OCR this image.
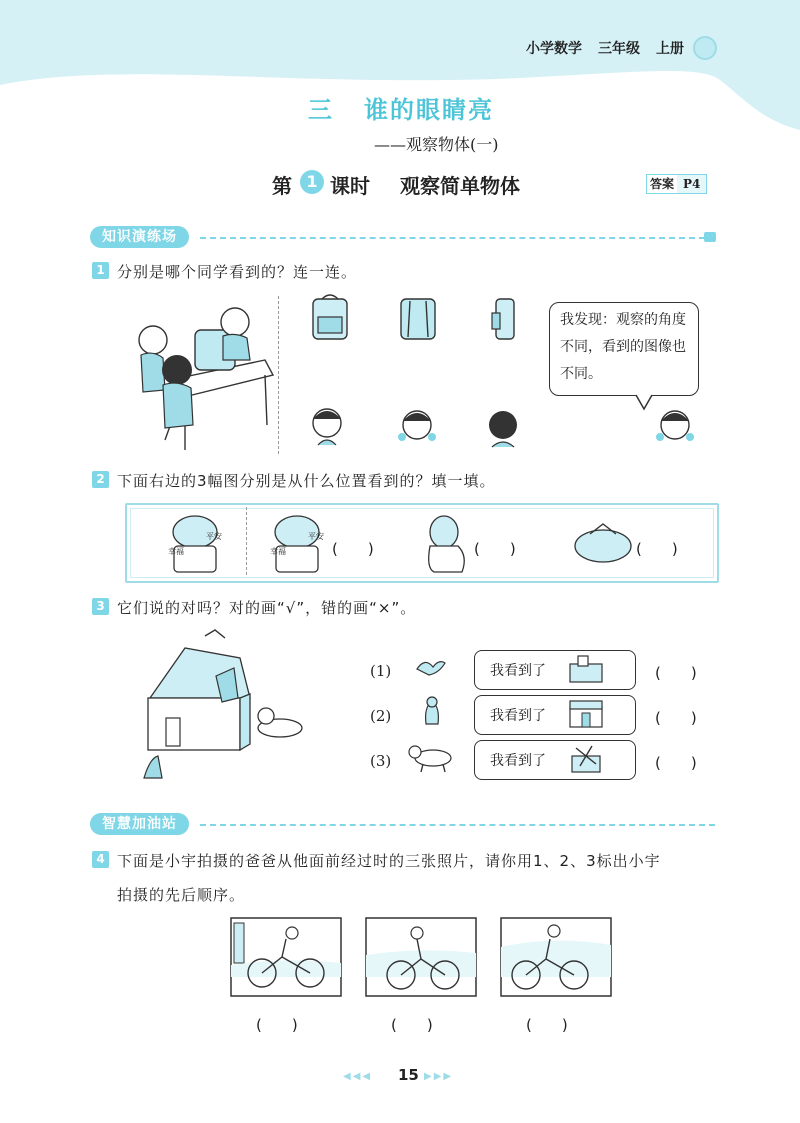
小学数学 三年级 上册
三 谁的眼睛亮
——观察物体(一)
第 1 课时 观察简单物体	答案 P4
知识演练场
1 分别是哪个同学看到的？连一连。
我发现：观察的角度
不同，看到的图像也
不同。
2 下面右边的3幅图分别是从什么位置看到的？填一填。
幸福
平安
幸福
平安
(　　)	(　　)	(　　)
3 它们说的对吗？对的画“√”，错的画“×”。
(1)	我看到了	(　　)
(2)	我看到了	(　　)
(3)	我看到了	(　　)
智慧加油站
4 下面是小宇拍摄的爸爸从他面前经过时的三张照片，请你用1、2、3标出小宇
拍摄的先后顺序。
(　　)	(　　)	(　　)
◀◀◀ 15 ▶▶▶
